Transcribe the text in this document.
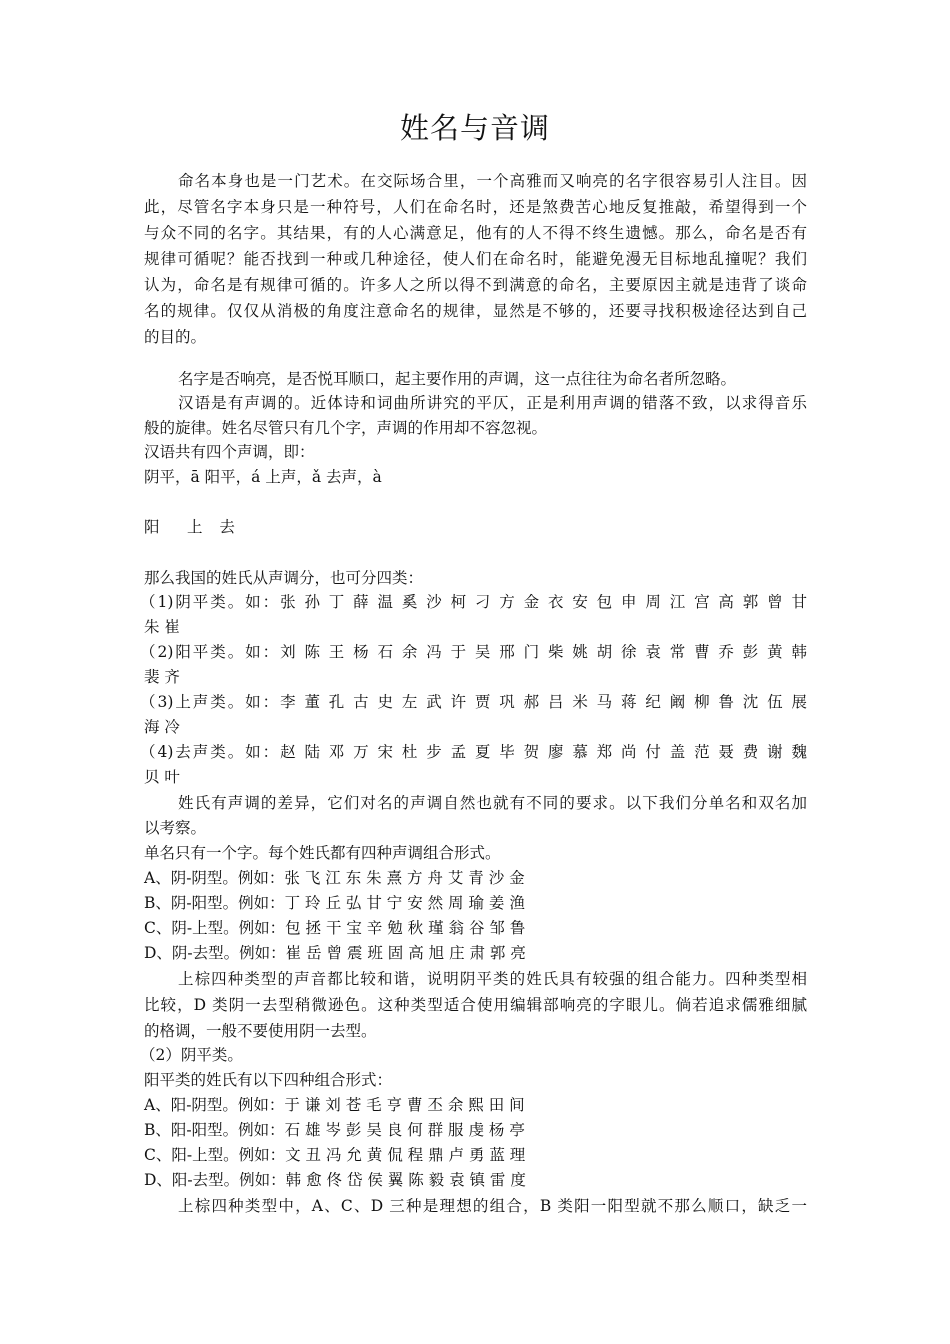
姓名与音调
命名本身也是一门艺术。在交际场合里，一个高雅而又响亮的名字很容易引人注目。因
此，尽管名字本身只是一种符号，人们在命名时，还是煞费苦心地反复推敲，希望得到一个
与众不同的名字。其结果，有的人心满意足，他有的人不得不终生遗憾。那么，命名是否有
规律可循呢？能否找到一种或几种途径，使人们在命名时，能避免漫无目标地乱撞呢？我们
认为，命名是有规律可循的。许多人之所以得不到满意的命名，主要原因主就是违背了谈命
名的规律。仅仅从消极的角度注意命名的规律，显然是不够的，还要寻找积极途径达到自己
的目的。
名字是否响亮，是否悦耳顺口，起主要作用的声调，这一点往往为命名者所忽略。
汉语是有声调的。近体诗和词曲所讲究的平仄，正是利用声调的错落不致，以求得音乐
般的旋律。姓名尽管只有几个字，声调的作用却不容忽视。
汉语共有四个声调，即：
阴平，ā 阳平，á 上声，ǎ 去声，à
阳　上 去
那么我国的姓氏从声调分，也可分四类：
（1)阴平类。如：张 孙 丁 薛 温 奚 沙 柯 刁 方 金 衣 安 包 申 周 江 宫 高 郭 曾 甘
朱 崔
（2)阳平类。如：刘 陈 王 杨 石 余 冯 于 吴 邢 门 柴 姚 胡 徐 袁 常 曹 乔 彭 黄 韩
裴 齐
（3)上声类。如：李 董 孔 古 史 左 武 许 贾 巩 郝 吕 米 马 蒋 纪 阚 柳 鲁 沈 伍 展
海 冷
（4)去声类。如：赵 陆 邓 万 宋 杜 步 孟 夏 毕 贺 廖 慕 郑 尚 付 盖 范 聂 费 谢 魏
贝 叶
姓氏有声调的差异，它们对名的声调自然也就有不同的要求。以下我们分单名和双名加
以考察。
单名只有一个字。每个姓氏都有四种声调组合形式。
A、阴-阴型。例如：张 飞 江 东 朱 熹 方 舟 艾 青 沙 金
B、阴-阳型。例如：丁 玲 丘 弘 甘 宁 安 然 周 瑜 姜 渔
C、阴-上型。例如：包 拯 干 宝 辛 勉 秋 瑾 翁 谷 邹 鲁
D、阴-去型。例如：崔 岳 曾 震 班 固 高 旭 庄 肃 郭 亮
上棕四种类型的声音都比较和谐，说明阴平类的姓氏具有较强的组合能力。四种类型相
比较，D 类阴一去型稍微逊色。这种类型适合使用编辑部响亮的字眼儿。倘若追求儒雅细腻
的格调，一般不要使用阴一去型。
（2）阴平类。
阳平类的姓氏有以下四种组合形式：
A、阳-阴型。例如：于 谦 刘 苍 毛 亨 曹 丕 余 熙 田 间
B、阳-阳型。例如：石 雄 岑 彭 吴 良 何 群 服 虔 杨 亭
C、阳-上型。例如：文 丑 冯 允 黄 侃 程 鼎 卢 勇 蓝 理
D、阳-去型。例如：韩 愈 佟 岱 侯 翼 陈 毅 袁 镇 雷 度
上棕四种类型中，A、C、D 三种是理想的组合，B 类阳一阳型就不那么顺口，缺乏一
